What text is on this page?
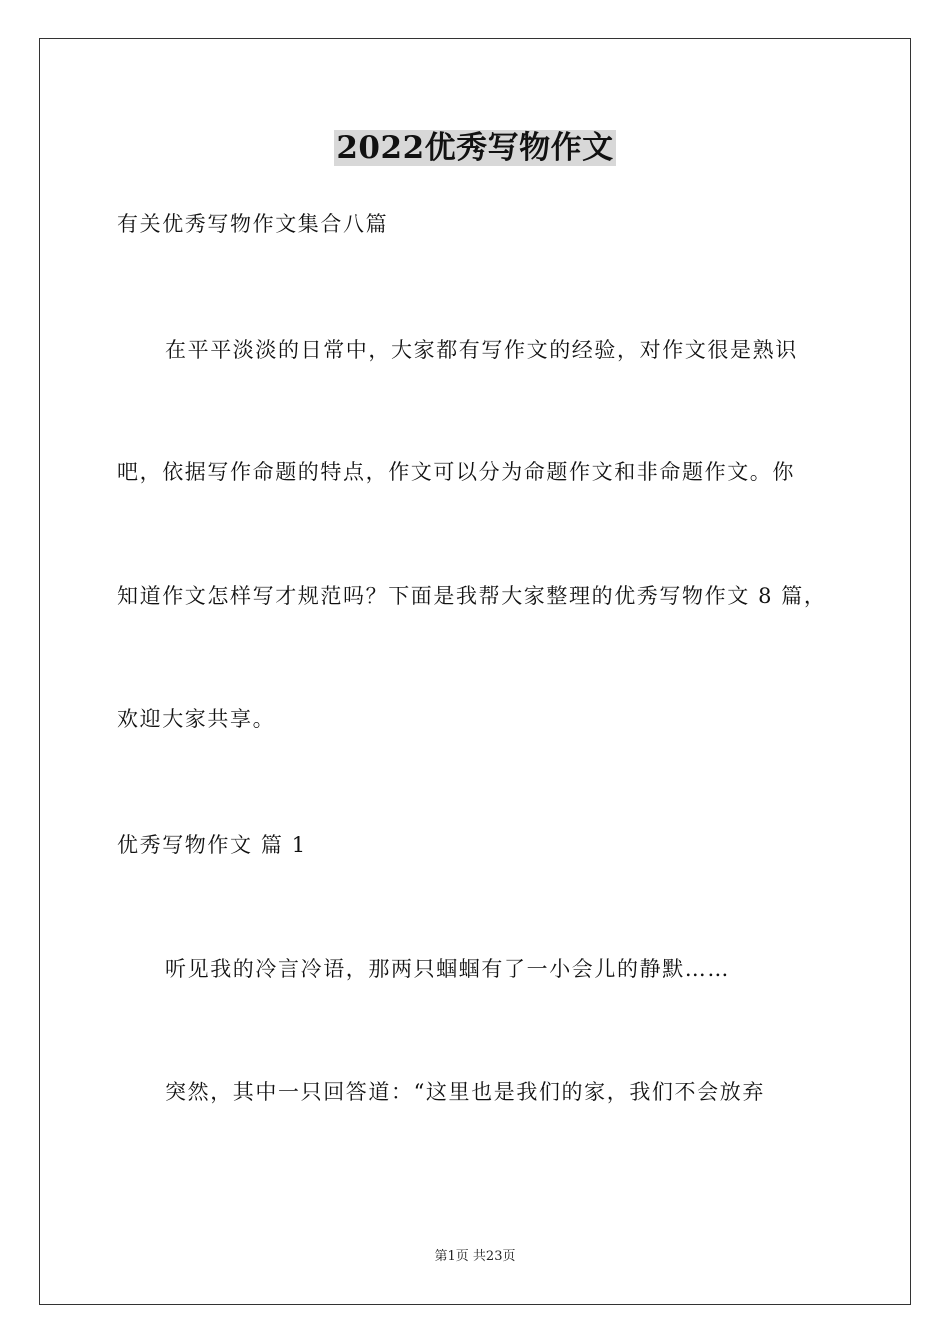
2022优秀写物作文
有关优秀写物作文集合八篇
在平平淡淡的日常中，大家都有写作文的经验，对作文很是熟识
吧，依据写作命题的特点，作文可以分为命题作文和非命题作文。你
知道作文怎样写才规范吗？下面是我帮大家整理的优秀写物作文 8 篇，
欢迎大家共享。
优秀写物作文 篇 1
听见我的冷言冷语，那两只蝈蝈有了一小会儿的静默……
突然，其中一只回答道：“这里也是我们的家，我们不会放弃
第1页 共23页
